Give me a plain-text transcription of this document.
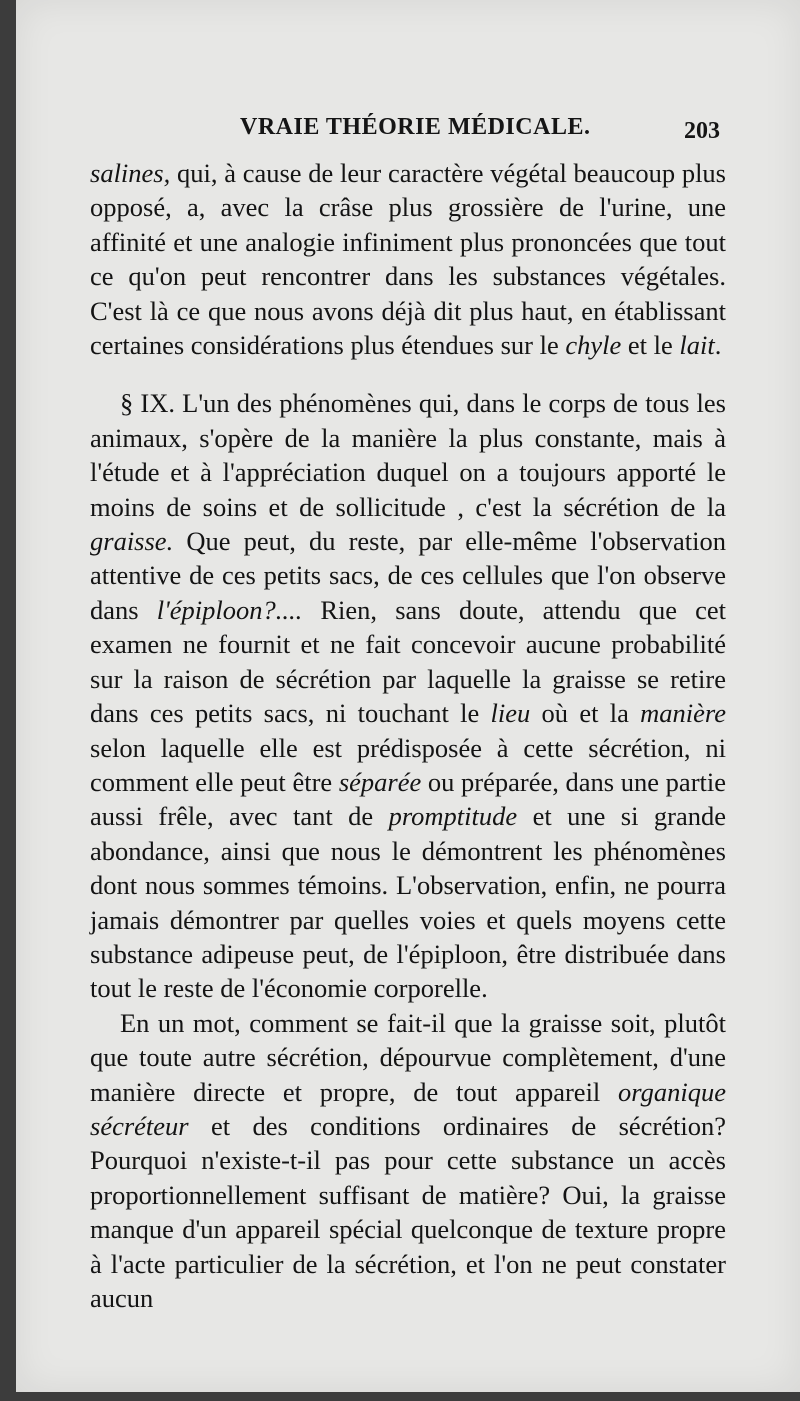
VRAIE THÉORIE MÉDICALE.	203

salines, qui, à cause de leur caractère végétal beaucoup plus opposé, a, avec la crâse plus grossière de l'urine, une affinité et une analogie infiniment plus prononcées que tout ce qu'on peut rencontrer dans les substances végétales. C'est là ce que nous avons déjà dit plus haut, en établissant certaines considérations plus étendues sur le chyle et le lait.

§ IX. L'un des phénomènes qui, dans le corps de tous les animaux, s'opère de la manière la plus constante, mais à l'étude et à l'appréciation duquel on a toujours apporté le moins de soins et de sollicitude , c'est la sécrétion de la graisse. Que peut, du reste, par elle-même l'observation attentive de ces petits sacs, de ces cellules que l'on observe dans l'épiploon?.... Rien, sans doute, attendu que cet examen ne fournit et ne fait concevoir aucune probabilité sur la raison de sécrétion par laquelle la graisse se retire dans ces petits sacs, ni touchant le lieu où et la manière selon laquelle elle est prédisposée à cette sécrétion, ni comment elle peut être séparée ou préparée, dans une partie aussi frêle, avec tant de promptitude et une si grande abondance, ainsi que nous le démontrent les phénomènes dont nous sommes témoins. L'observation, enfin, ne pourra jamais démontrer par quelles voies et quels moyens cette substance adipeuse peut, de l'épiploon, être distribuée dans tout le reste de l'économie corporelle.

En un mot, comment se fait-il que la graisse soit, plutôt que toute autre sécrétion, dépourvue complètement, d'une manière directe et propre, de tout appareil organique sécréteur et des conditions ordinaires de sécrétion? Pourquoi n'existe-t-il pas pour cette substance un accès proportionnellement suffisant de matière? Oui, la graisse manque d'un appareil spécial quelconque de texture propre à l'acte particulier de la sécrétion, et l'on ne peut constater aucun
